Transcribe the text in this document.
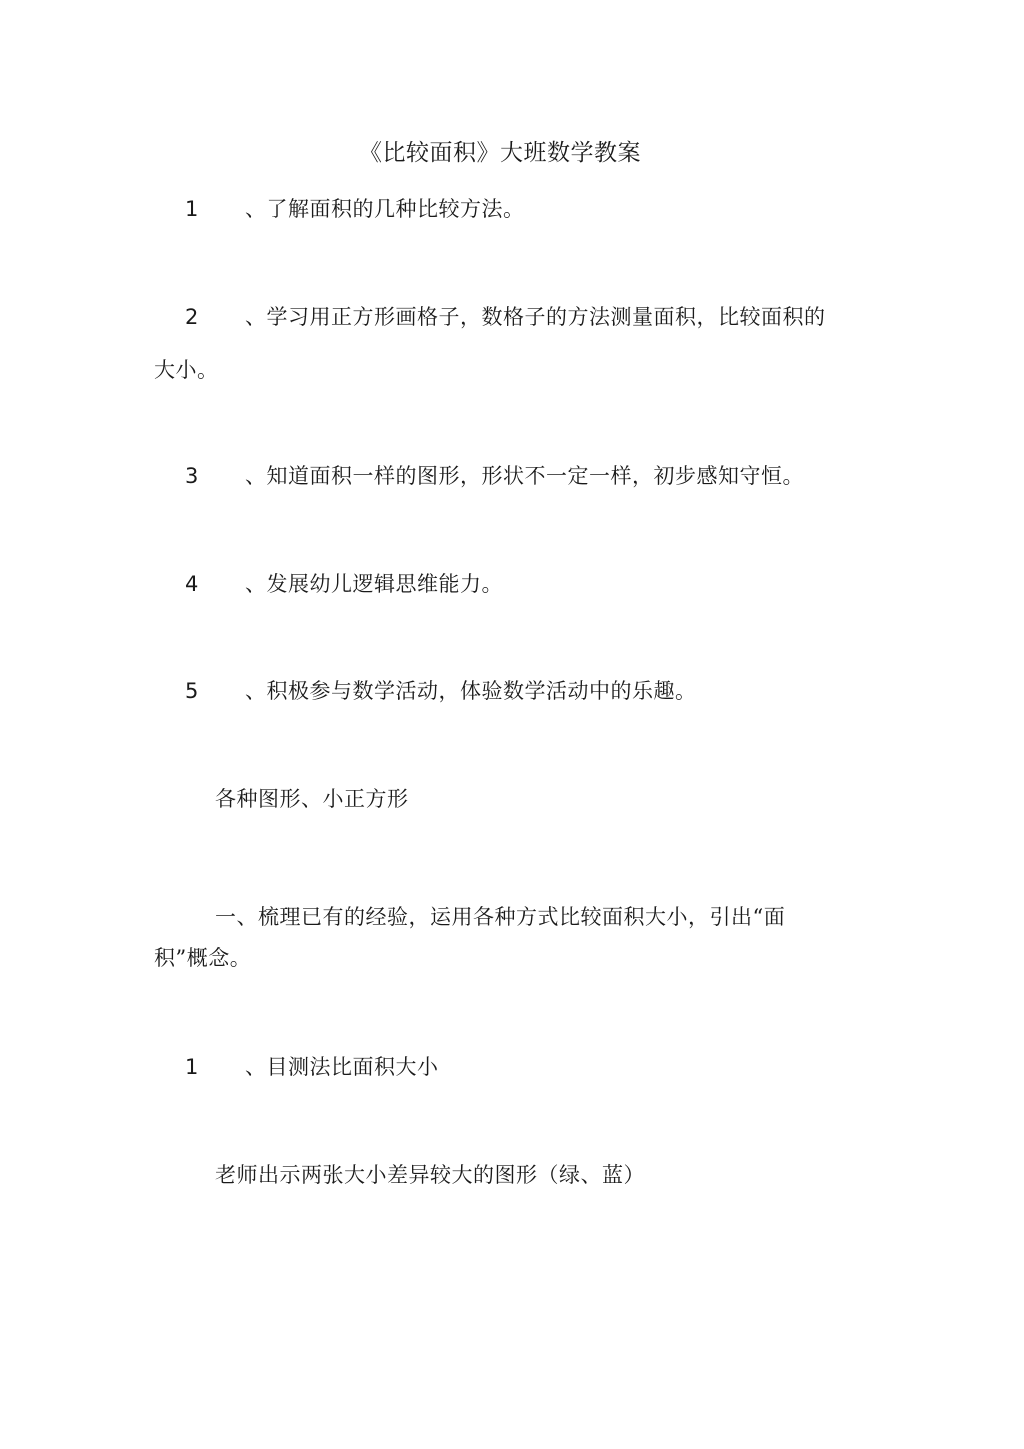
《比较面积》大班数学教案
1 、了解面积的几种比较方法。
2 、学习用正方形画格子，数格子的方法测量面积，比较面积的
大小。
3 、知道面积一样的图形，形状不一定一样，初步感知守恒。
4 、发展幼儿逻辑思维能力。
5 、积极参与数学活动，体验数学活动中的乐趣。
各种图形、小正方形
一、梳理已有的经验，运用各种方式比较面积大小，引出“面
积”概念。
1 、目测法比面积大小
老师出示两张大小差异较大的图形（绿、蓝）
